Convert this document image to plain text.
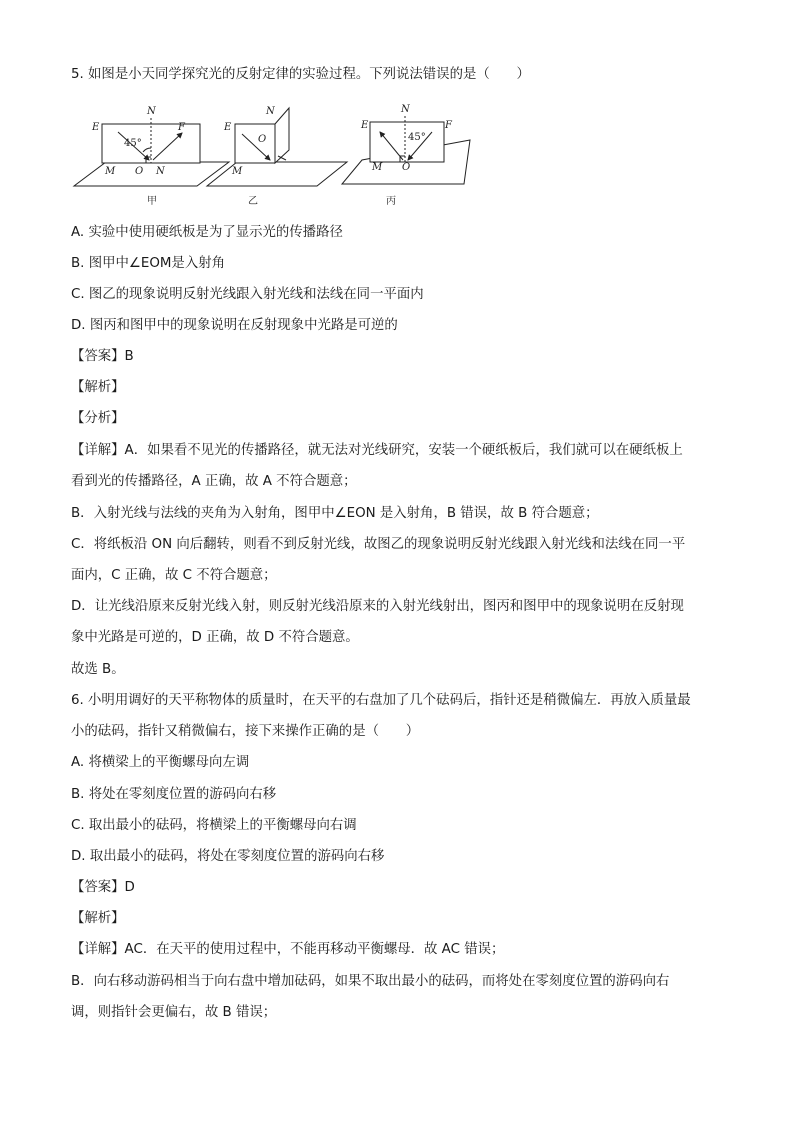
5. 如图是小天同学探究光的反射定律的实验过程。下列说法错误的是（　　）
N
E	F
45°
M O N
甲
N
E
O
M
乙
N
E	F
45°
M O
丙
A. 实验中使用硬纸板是为了显示光的传播路径
B. 图甲中∠EOM是入射角
C. 图乙的现象说明反射光线跟入射光线和法线在同一平面内
D. 图丙和图甲中的现象说明在反射现象中光路是可逆的
【答案】B
【解析】
【分析】
【详解】A．如果看不见光的传播路径，就无法对光线研究，安装一个硬纸板后，我们就可以在硬纸板上
看到光的传播路径，A 正确，故 A 不符合题意；
B．入射光线与法线的夹角为入射角，图甲中∠EON 是入射角，B 错误，故 B 符合题意；
C．将纸板沿 ON 向后翻转，则看不到反射光线，故图乙的现象说明反射光线跟入射光线和法线在同一平
面内，C 正确，故 C 不符合题意；
D．让光线沿原来反射光线入射，则反射光线沿原来的入射光线射出，图丙和图甲中的现象说明在反射现
象中光路是可逆的，D 正确，故 D 不符合题意。
故选 B。
6. 小明用调好的天平称物体的质量时，在天平的右盘加了几个砝码后，指针还是稍微偏左．再放入质量最
小的砝码，指针又稍微偏右，接下来操作正确的是（　　）
A. 将横梁上的平衡螺母向左调
B. 将处在零刻度位置的游码向右移
C. 取出最小的砝码，将横梁上的平衡螺母向右调
D. 取出最小的砝码，将处在零刻度位置的游码向右移
【答案】D
【解析】
【详解】AC．在天平的使用过程中，不能再移动平衡螺母．故 AC 错误；
B．向右移动游码相当于向右盘中增加砝码，如果不取出最小的砝码，而将处在零刻度位置的游码向右
调，则指针会更偏右，故 B 错误；
